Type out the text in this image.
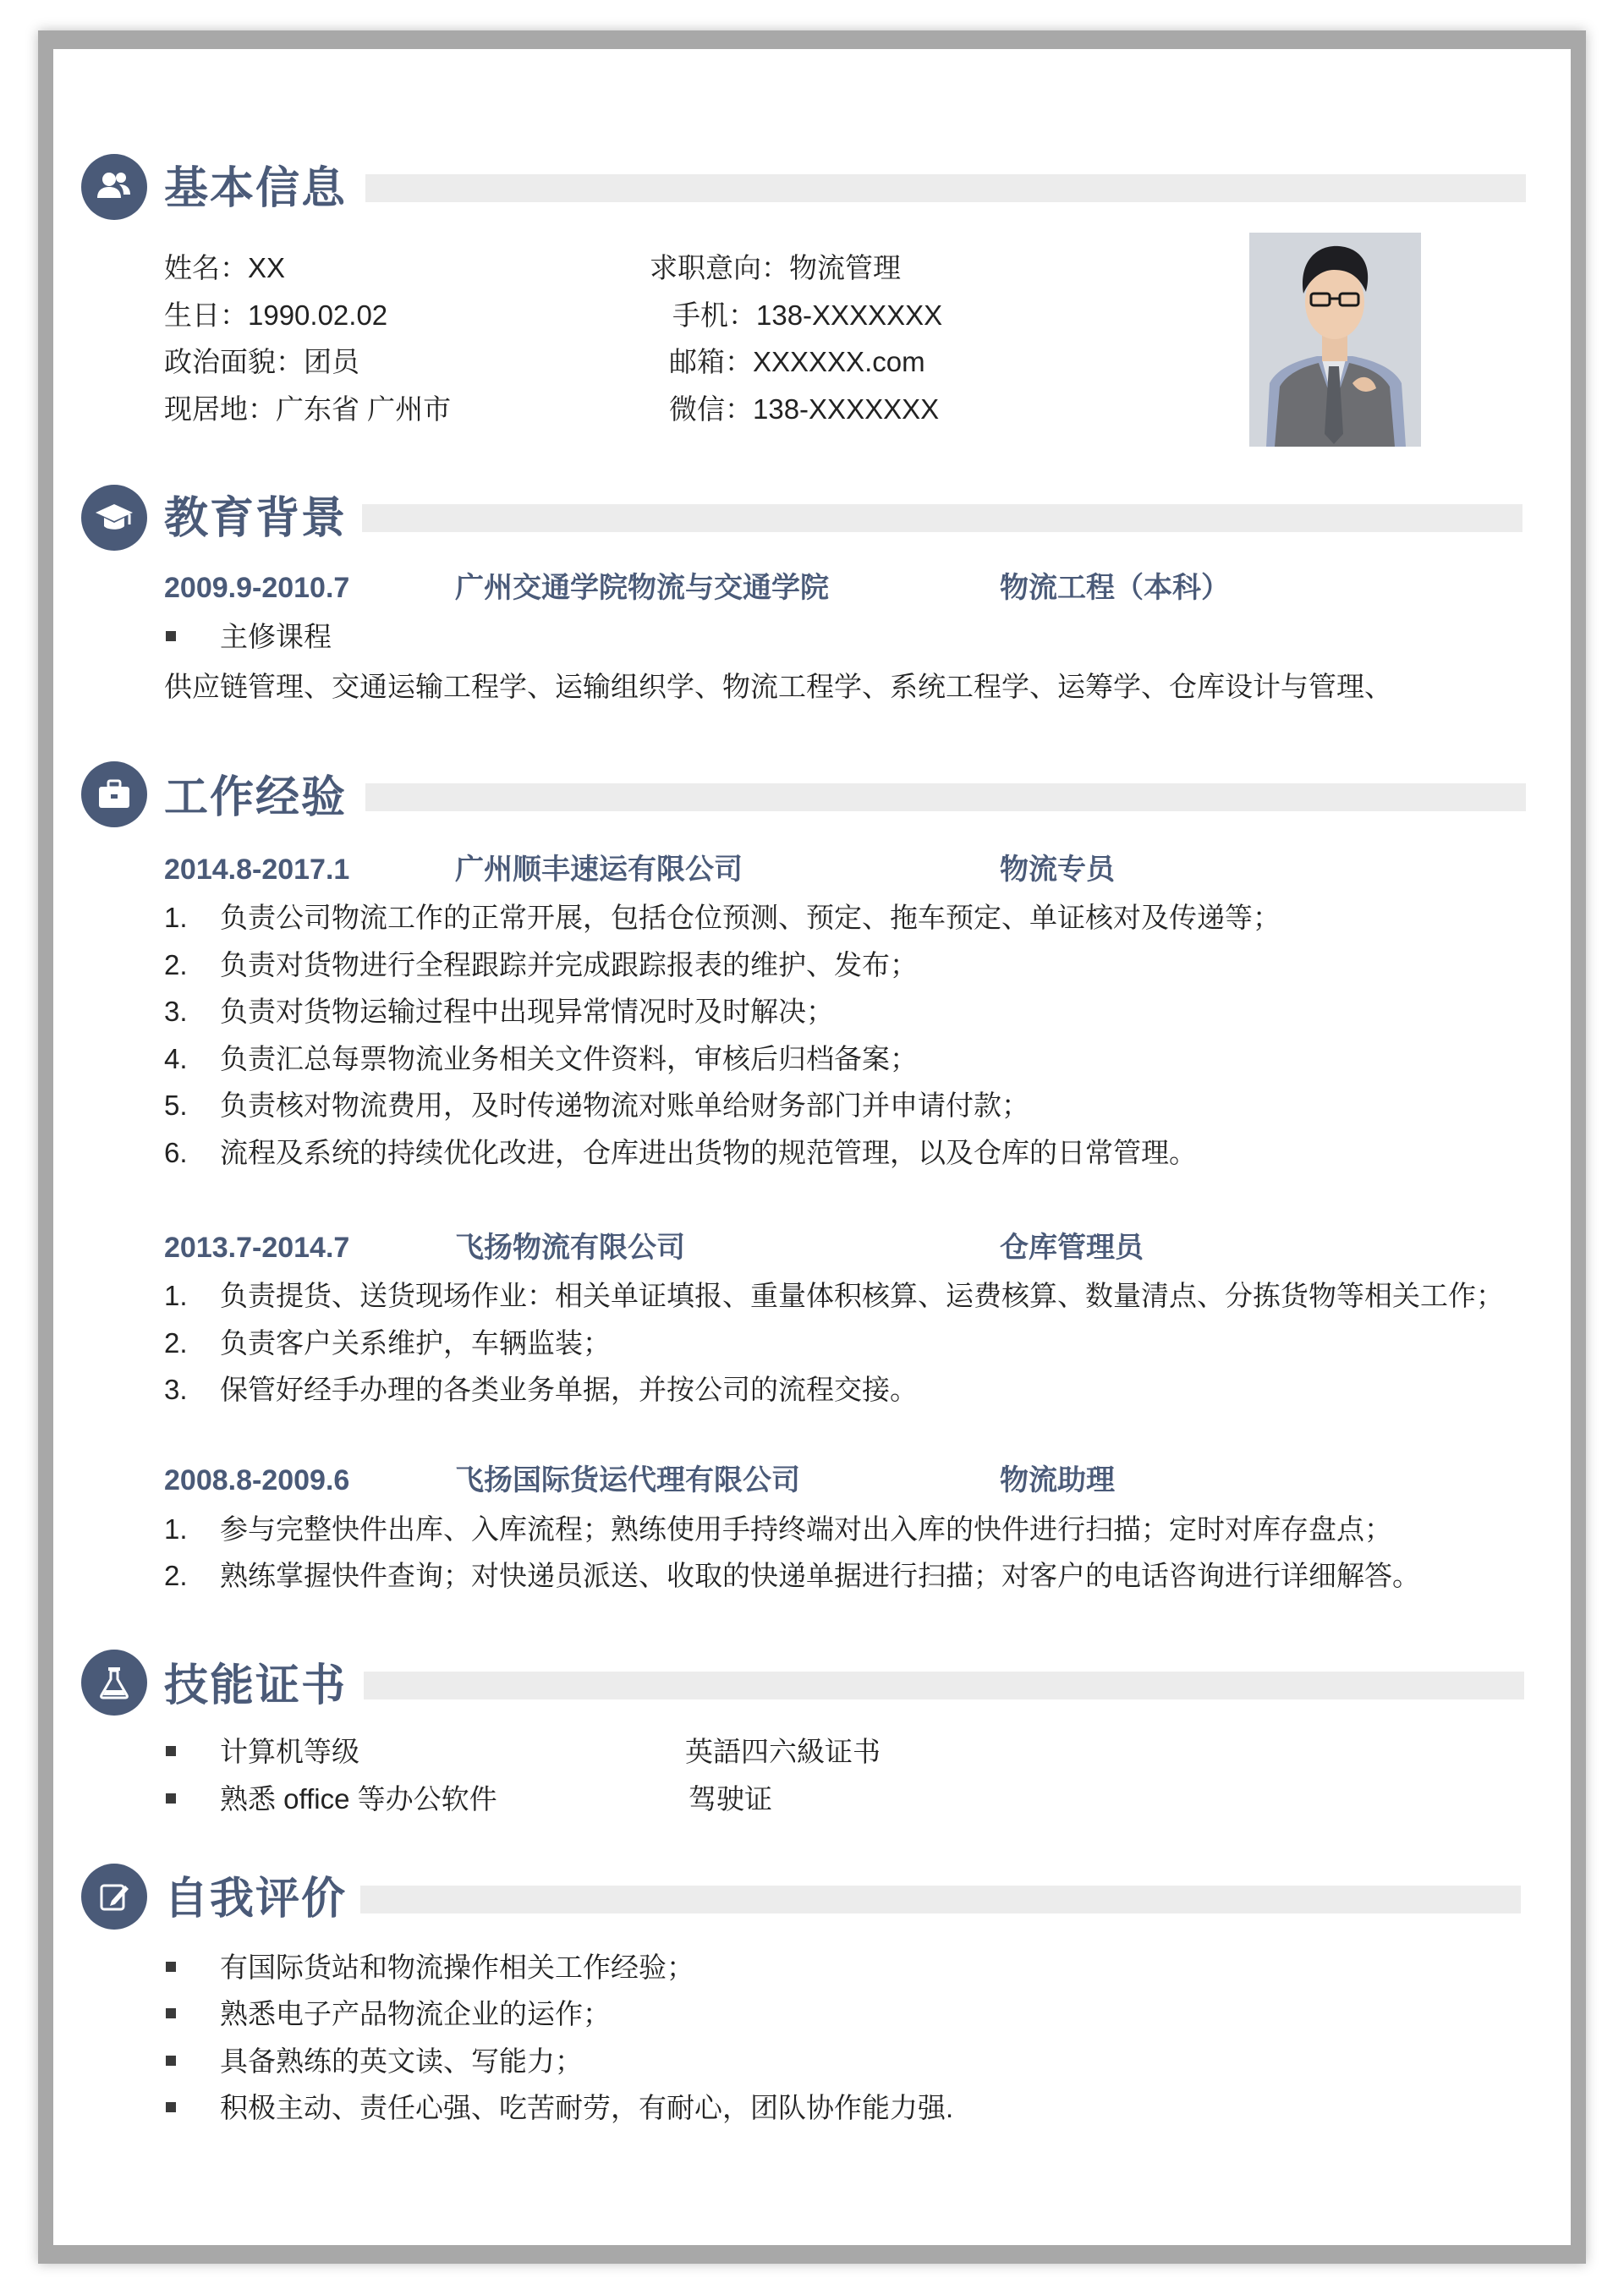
基本信息
姓名：XX	求职意向：物流管理
生日：1990.02.02	手机：138-XXXXXXX
政治面貌：团员	邮箱：XXXXXX.com
现居地：广东省 广州市	微信：138-XXXXXXX
教育背景
2009.9-2010.7	广州交通学院物流与交通学院	物流工程（本科）
主修课程
供应链管理、交通运输工程学、运输组织学、物流工程学、系统工程学、运筹学、仓库设计与管理、
工作经验
2014.8-2017.1	广州顺丰速运有限公司	物流专员
1. 负责公司物流工作的正常开展，包括仓位预测、预定、拖车预定、单证核对及传递等；
2. 负责对货物进行全程跟踪并完成跟踪报表的维护、发布；
3. 负责对货物运输过程中出现异常情况时及时解决；
4. 负责汇总每票物流业务相关文件资料，审核后归档备案；
5. 负责核对物流费用，及时传递物流对账单给财务部门并申请付款；
6. 流程及系统的持续优化改进，仓库进出货物的规范管理，以及仓库的日常管理。
2013.7-2014.7	飞扬物流有限公司	仓库管理员
1. 负责提货、送货现场作业：相关单证填报、重量体积核算、运费核算、数量清点、分拣货物等相关工作；
2. 负责客户关系维护，车辆监装；
3. 保管好经手办理的各类业务单据，并按公司的流程交接。
2008.8-2009.6	飞扬国际货运代理有限公司	物流助理
1. 参与完整快件出库、入库流程；熟练使用手持终端对出入库的快件进行扫描；定时对库存盘点；
2. 熟练掌握快件查询；对快递员派送、收取的快递单据进行扫描；对客户的电话咨询进行详细解答。
技能证书
计算机等级	英語四六級证书
熟悉 office 等办公软件	驾驶证
自我评价
有国际货站和物流操作相关工作经验；
熟悉电子产品物流企业的运作；
具备熟练的英文读、写能力；
积极主动、责任心强、吃苦耐劳，有耐心，团队协作能力强.
